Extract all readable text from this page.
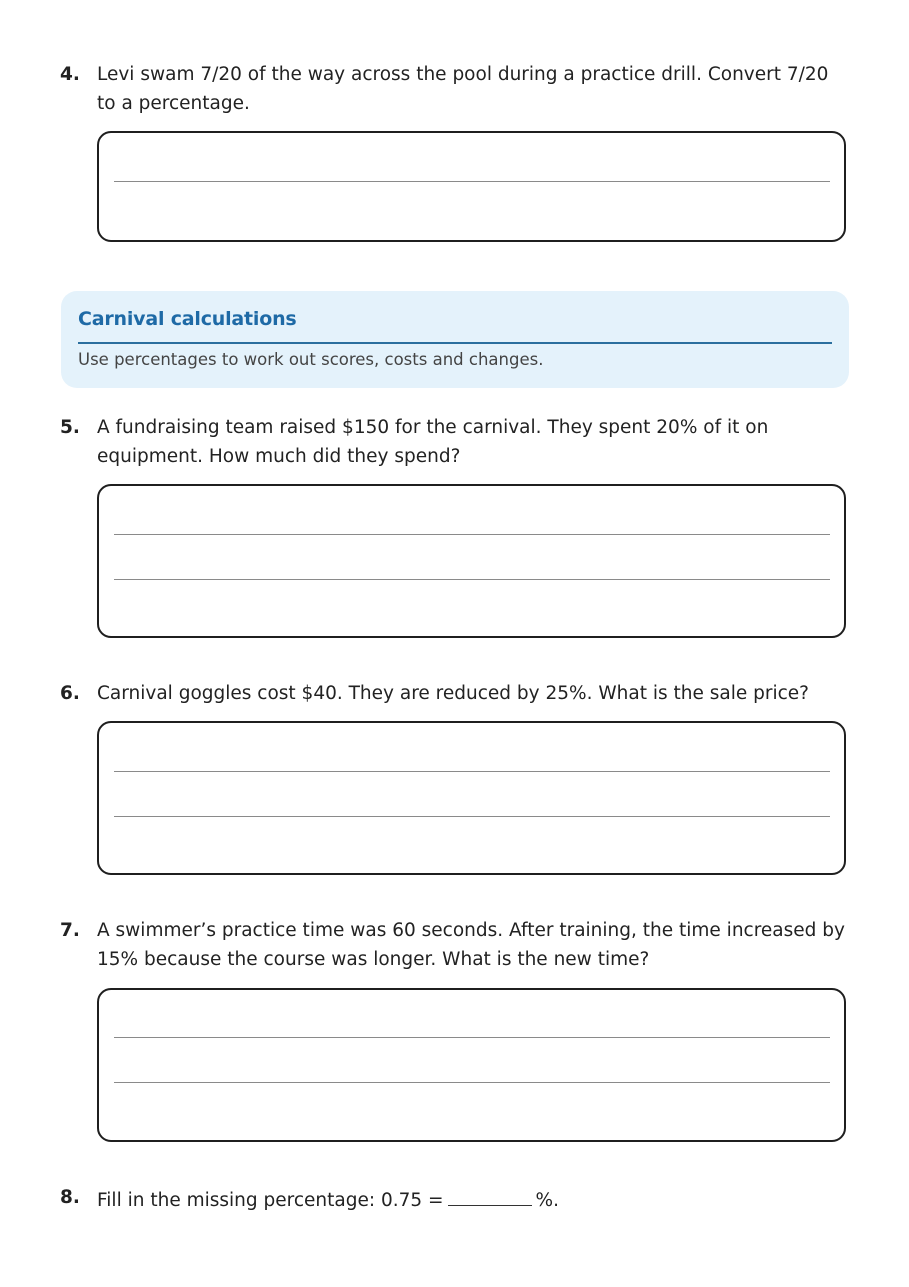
4. Levi swam 7/20 of the way across the pool during a practice drill. Convert 7/20 to a percentage.
Carnival calculations
Use percentages to work out scores, costs and changes.
5. A fundraising team raised $150 for the carnival. They spent 20% of it on equipment. How much did they spend?
6. Carnival goggles cost $40. They are reduced by 25%. What is the sale price?
7. A swimmer’s practice time was 60 seconds. After training, the time increased by 15% because the course was longer. What is the new time?
8. Fill in the missing percentage: 0.75 =	%.
